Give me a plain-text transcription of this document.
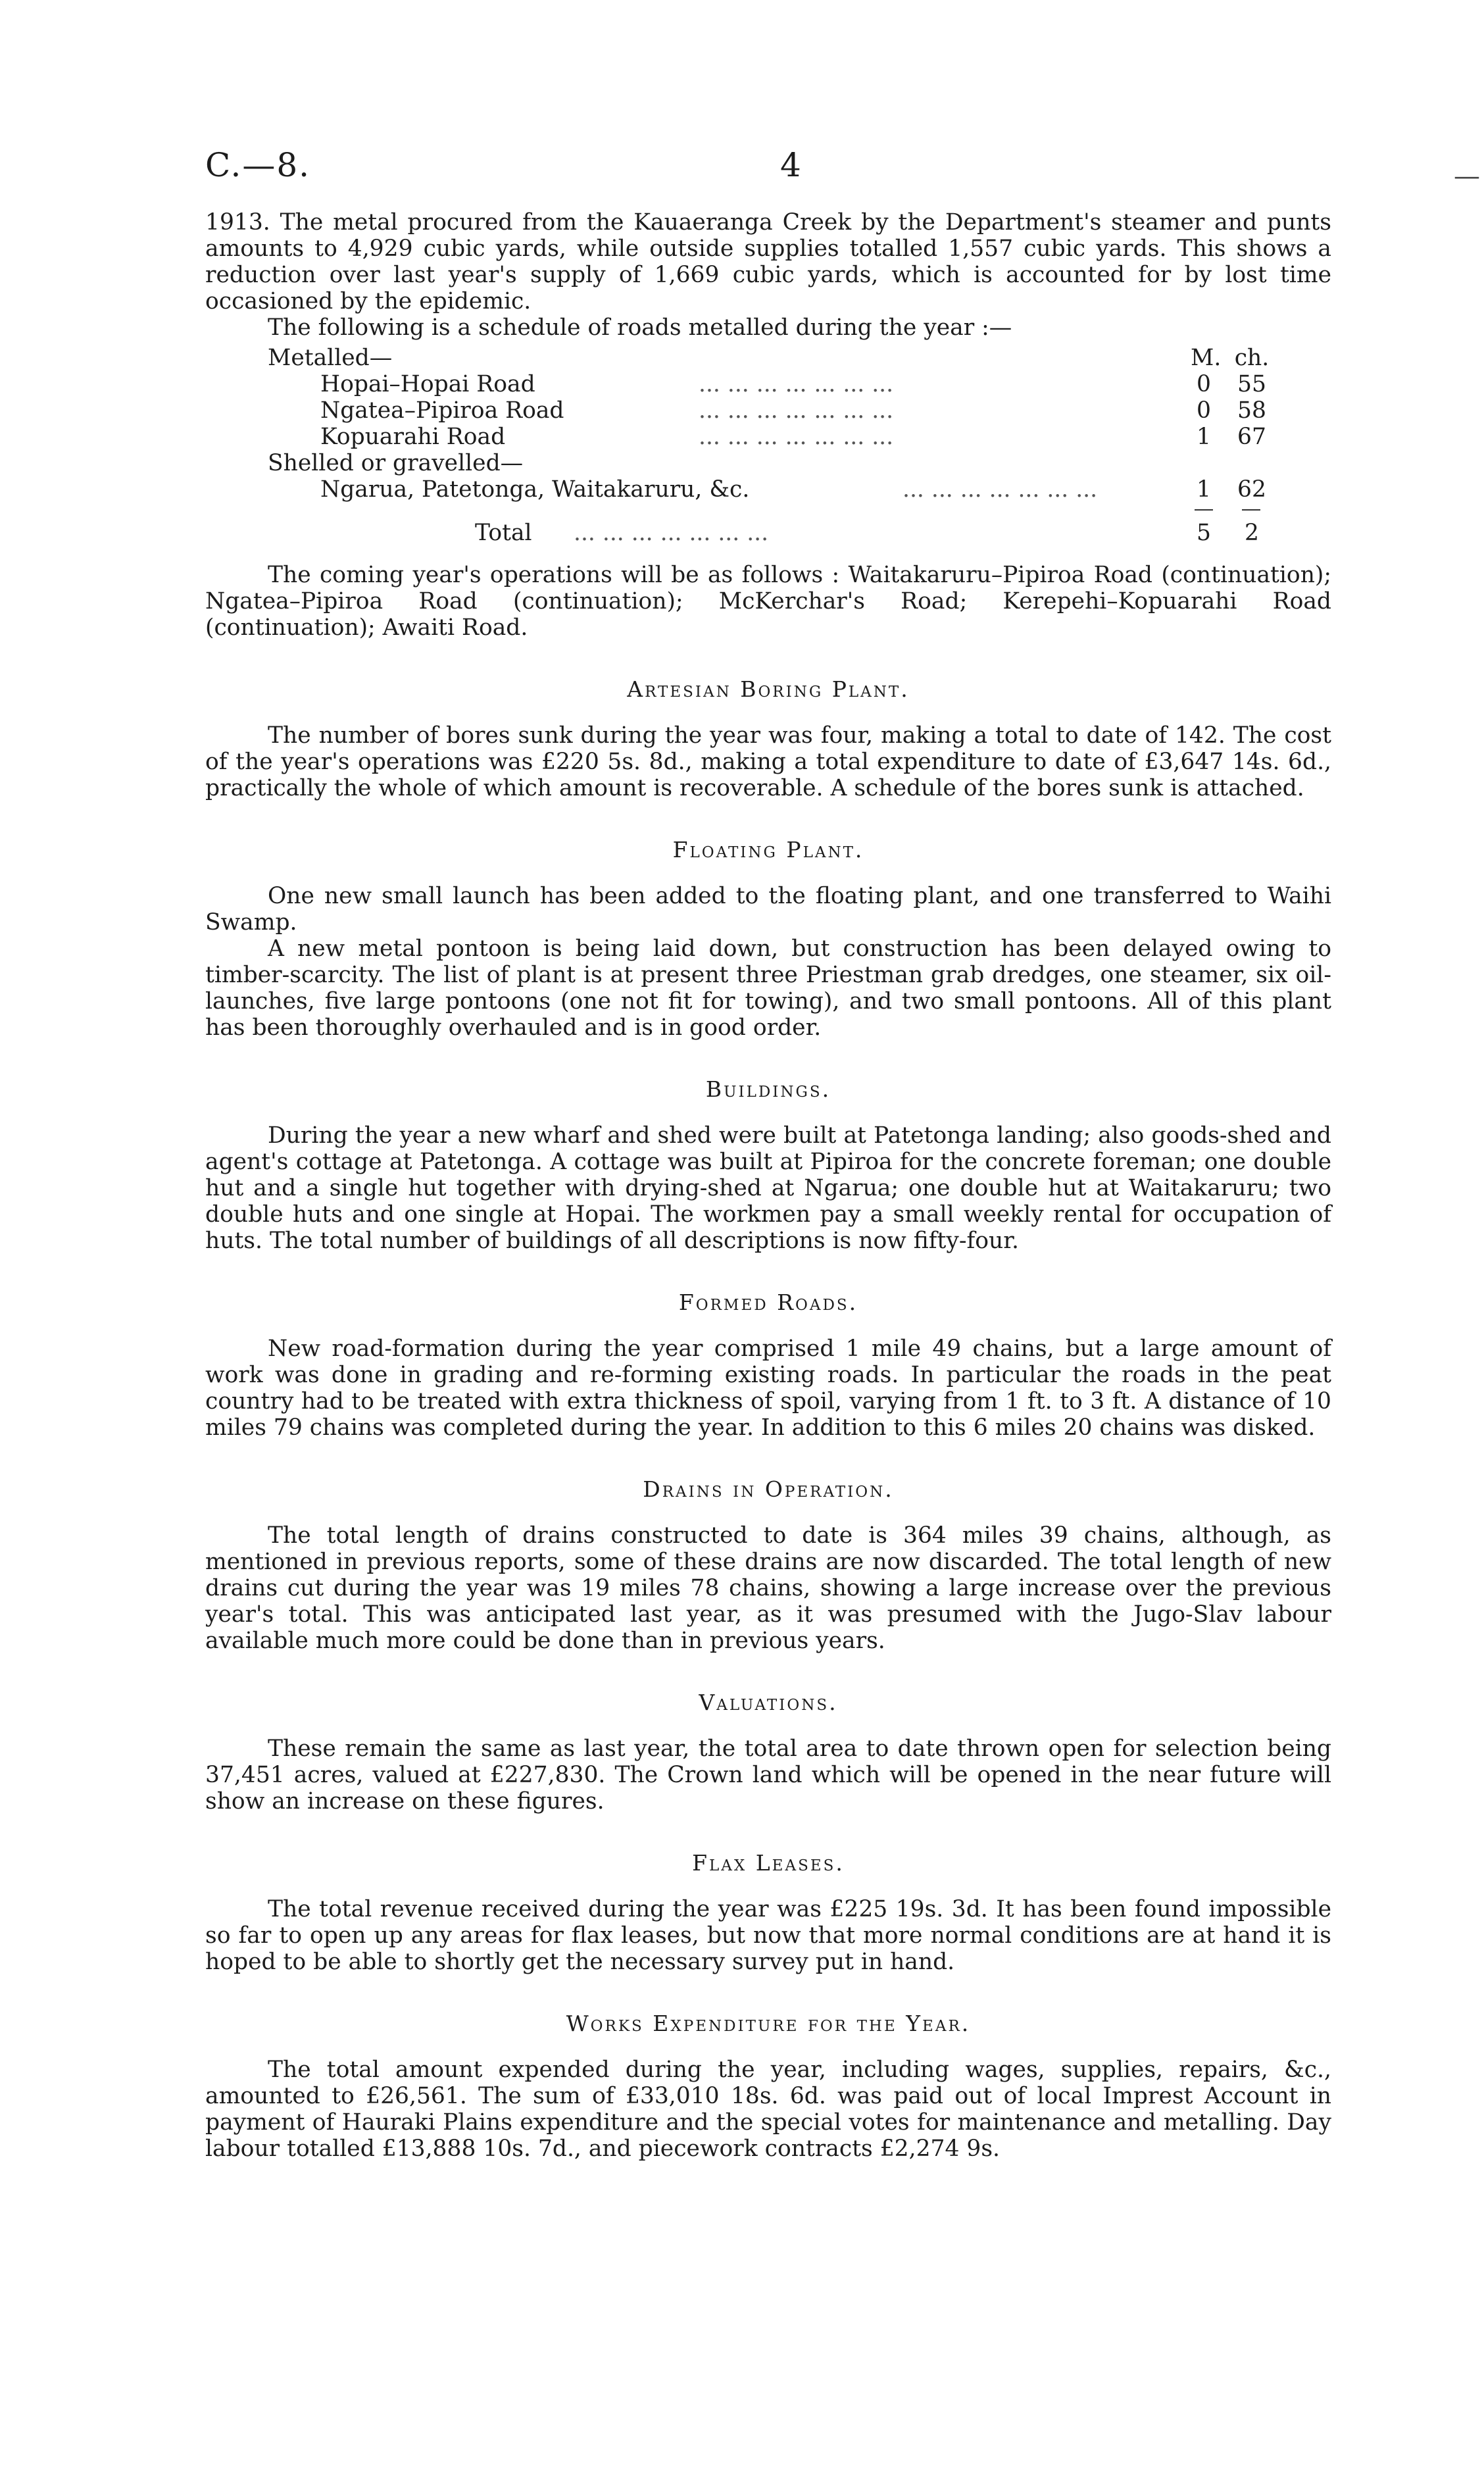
C.—8.	4	—

1913. The metal procured from the Kauaeranga Creek by the Department's steamer and punts amounts to 4,929 cubic yards, while outside supplies totalled 1,557 cubic yards. This shows a reduction over last year's supply of 1,669 cubic yards, which is accounted for by lost time occasioned by the epidemic.

The following is a schedule of roads metalled during the year :—

Metalled—	M. ch.
Hopai–Hopai Road	... ... ... ... ... ... ...	0	55
Ngatea–Pipiroa Road	... ... ... ... ... ... ...	0	58
Kopuarahi Road	... ... ... ... ... ... ...	1	67
Shelled or gravelled—
Ngarua, Patetonga, Waitakaruru, &c.	... ... ... ... ... ... ...	1	62
Total ... ... ... ... ... ... ...	5	2

The coming year's operations will be as follows : Waitakaruru–Pipiroa Road (continuation); Ngatea–Pipiroa Road (continuation); McKerchar's Road; Kerepehi–Kopuarahi Road (continuation); Awaiti Road.

Artesian Boring Plant.

The number of bores sunk during the year was four, making a total to date of 142. The cost of the year's operations was £220 5s. 8d., making a total expenditure to date of £3,647 14s. 6d., practically the whole of which amount is recoverable. A schedule of the bores sunk is attached.

Floating Plant.

One new small launch has been added to the floating plant, and one transferred to Waihi Swamp.

A new metal pontoon is being laid down, but construction has been delayed owing to timber-scarcity. The list of plant is at present three Priestman grab dredges, one steamer, six oil-launches, five large pontoons (one not fit for towing), and two small pontoons. All of this plant has been thoroughly overhauled and is in good order.

Buildings.

During the year a new wharf and shed were built at Patetonga landing; also goods-shed and agent's cottage at Patetonga. A cottage was built at Pipiroa for the concrete foreman; one double hut and a single hut together with drying-shed at Ngarua; one double hut at Waitakaruru; two double huts and one single at Hopai. The workmen pay a small weekly rental for occupation of huts. The total number of buildings of all descriptions is now fifty-four.

Formed Roads.

New road-formation during the year comprised 1 mile 49 chains, but a large amount of work was done in grading and re-forming existing roads. In particular the roads in the peat country had to be treated with extra thickness of spoil, varying from 1 ft. to 3 ft. A distance of 10 miles 79 chains was completed during the year. In addition to this 6 miles 20 chains was disked.

Drains in Operation.

The total length of drains constructed to date is 364 miles 39 chains, although, as mentioned in previous reports, some of these drains are now discarded. The total length of new drains cut during the year was 19 miles 78 chains, showing a large increase over the previous year's total. This was anticipated last year, as it was presumed with the Jugo-Slav labour available much more could be done than in previous years.

Valuations.

These remain the same as last year, the total area to date thrown open for selection being 37,451 acres, valued at £227,830. The Crown land which will be opened in the near future will show an increase on these figures.

Flax Leases.

The total revenue received during the year was £225 19s. 3d. It has been found impossible so far to open up any areas for flax leases, but now that more normal conditions are at hand it is hoped to be able to shortly get the necessary survey put in hand.

Works Expenditure for the Year.

The total amount expended during the year, including wages, supplies, repairs, &c., amounted to £26,561. The sum of £33,010 18s. 6d. was paid out of local Imprest Account in payment of Hauraki Plains expenditure and the special votes for maintenance and metalling. Day labour totalled £13,888 10s. 7d., and piecework contracts £2,274 9s.
